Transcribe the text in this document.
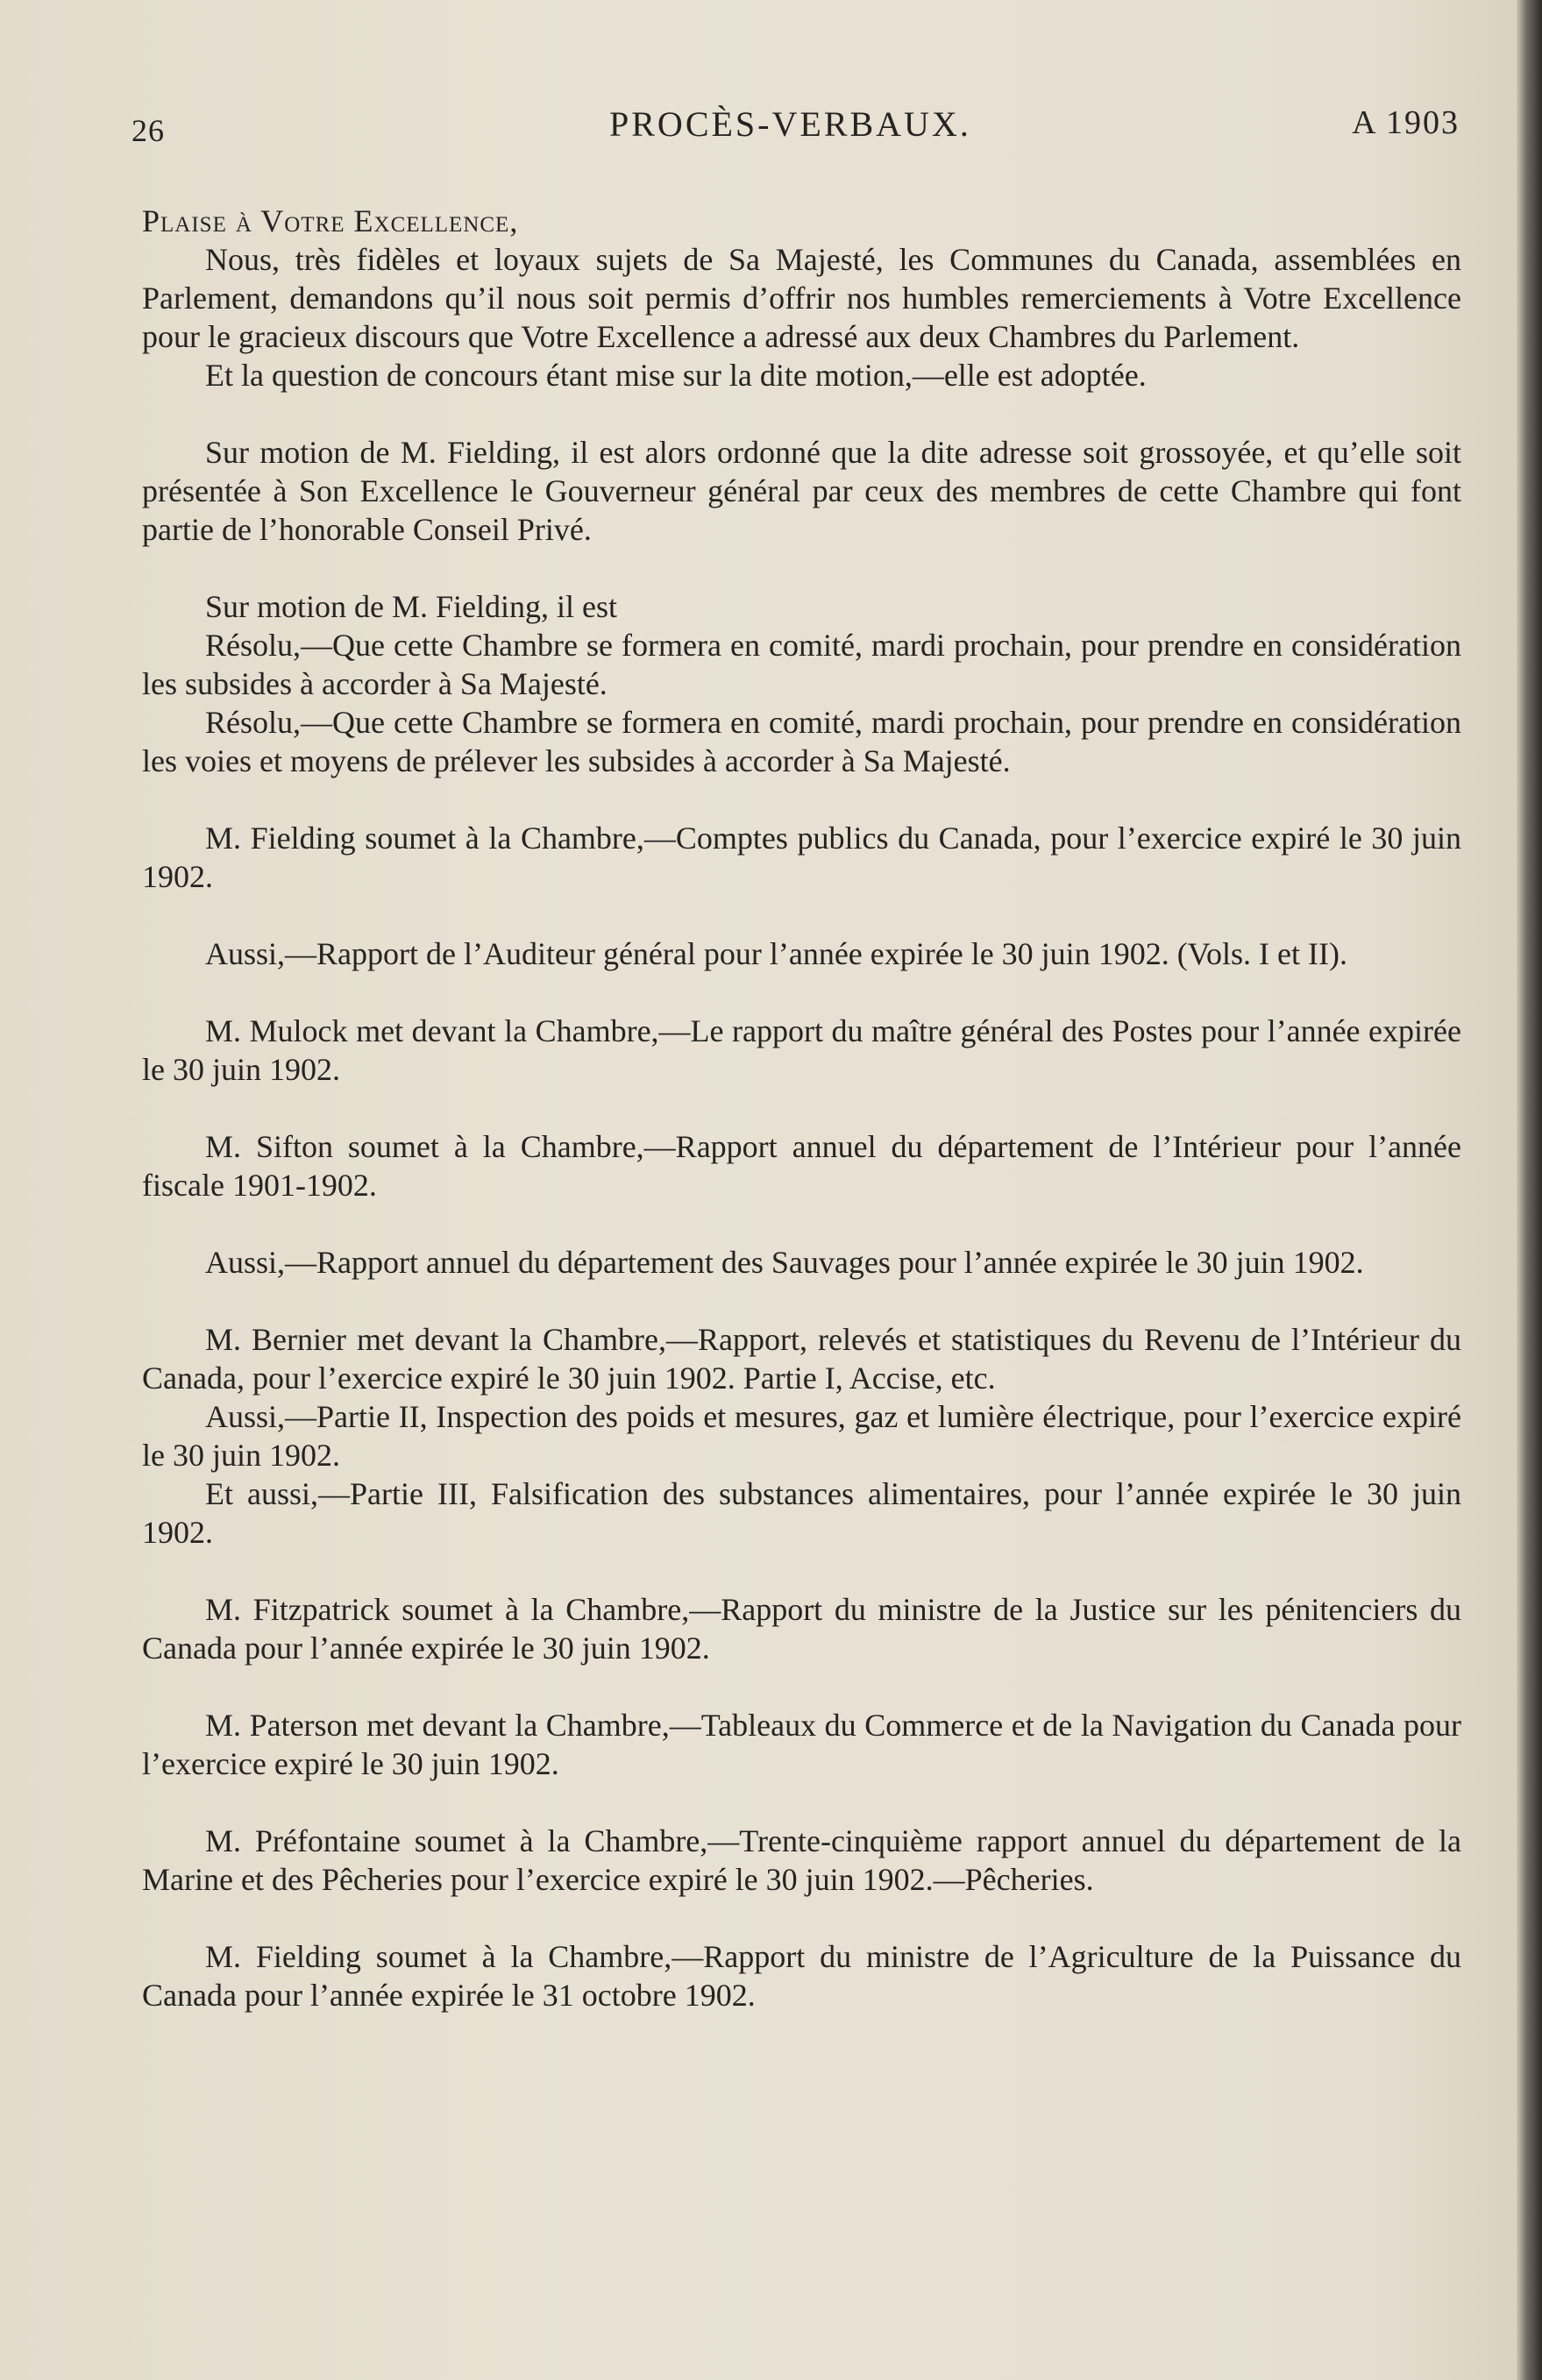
26	PROCÈS-VERBAUX.	A 1903

Plaise à Votre Excellence,

Nous, très fidèles et loyaux sujets de Sa Majesté, les Communes du Canada, assemblées en Parlement, demandons qu’il nous soit permis d’offrir nos humbles remerciements à Votre Excellence pour le gracieux discours que Votre Excellence a adressé aux deux Chambres du Parlement.

Et la question de concours étant mise sur la dite motion,—elle est adoptée.

Sur motion de M. Fielding, il est alors ordonné que la dite adresse soit grossoyée, et qu’elle soit présentée à Son Excellence le Gouverneur général par ceux des membres de cette Chambre qui font partie de l’honorable Conseil Privé.

Sur motion de M. Fielding, il est

Résolu,—Que cette Chambre se formera en comité, mardi prochain, pour prendre en considération les subsides à accorder à Sa Majesté.

Résolu,—Que cette Chambre se formera en comité, mardi prochain, pour prendre en considération les voies et moyens de prélever les subsides à accorder à Sa Majesté.

M. Fielding soumet à la Chambre,—Comptes publics du Canada, pour l’exercice expiré le 30 juin 1902.

Aussi,—Rapport de l’Auditeur général pour l’année expirée le 30 juin 1902. (Vols. I et II).

M. Mulock met devant la Chambre,—Le rapport du maître général des Postes pour l’année expirée le 30 juin 1902.

M. Sifton soumet à la Chambre,—Rapport annuel du département de l’Intérieur pour l’année fiscale 1901-1902.

Aussi,—Rapport annuel du département des Sauvages pour l’année expirée le 30 juin 1902.

M. Bernier met devant la Chambre,—Rapport, relevés et statistiques du Revenu de l’Intérieur du Canada, pour l’exercice expiré le 30 juin 1902. Partie I, Accise, etc.

Aussi,—Partie II, Inspection des poids et mesures, gaz et lumière électrique, pour l’exercice expiré le 30 juin 1902.

Et aussi,—Partie III, Falsification des substances alimentaires, pour l’année expirée le 30 juin 1902.

M. Fitzpatrick soumet à la Chambre,—Rapport du ministre de la Justice sur les pénitenciers du Canada pour l’année expirée le 30 juin 1902.

M. Paterson met devant la Chambre,—Tableaux du Commerce et de la Navigation du Canada pour l’exercice expiré le 30 juin 1902.

M. Préfontaine soumet à la Chambre,—Trente-cinquième rapport annuel du département de la Marine et des Pêcheries pour l’exercice expiré le 30 juin 1902.—Pêcheries.

M. Fielding soumet à la Chambre,—Rapport du ministre de l’Agriculture de la Puissance du Canada pour l’année expirée le 31 octobre 1902.
